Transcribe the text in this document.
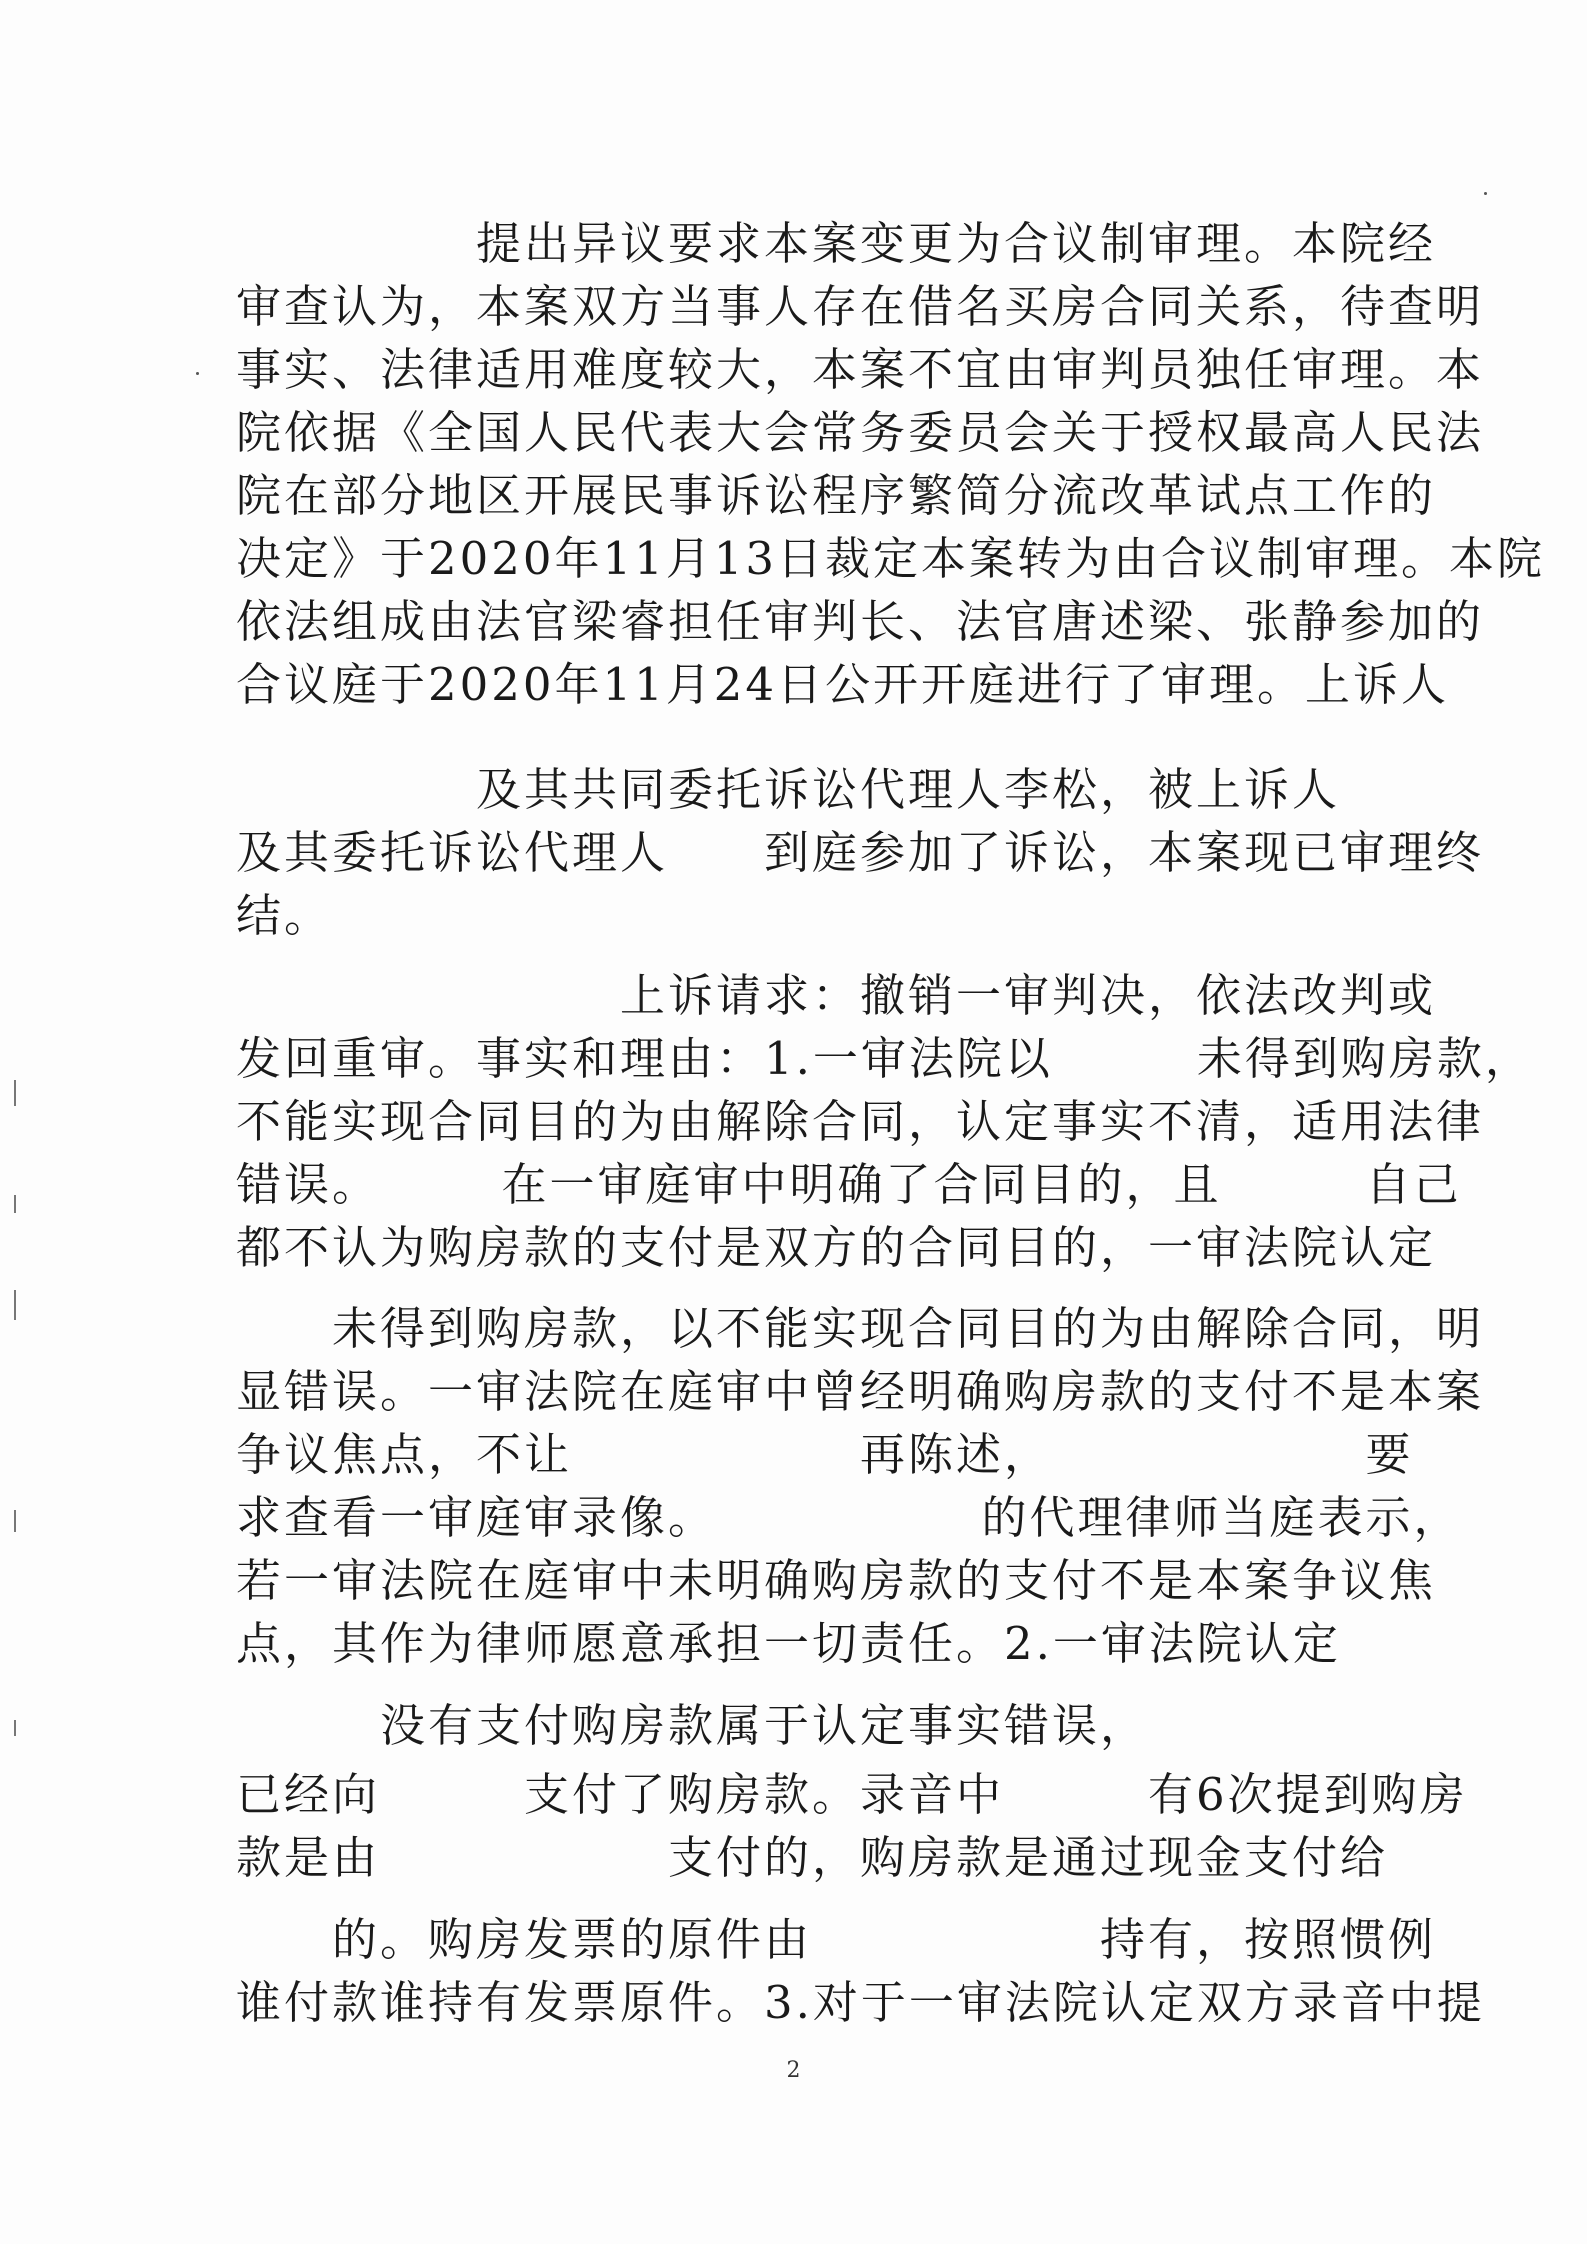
　　　　　提出异议要求本案变更为合议制审理。本院经
审查认为，本案双方当事人存在借名买房合同关系，待查明
事实、法律适用难度较大，本案不宜由审判员独任审理。本
院依据《全国人民代表大会常务委员会关于授权最高人民法
院在部分地区开展民事诉讼程序繁简分流改革试点工作的
决定》于2020年11月13日裁定本案转为由合议制审理。本院
依法组成由法官梁睿担任审判长、法官唐述梁、张静参加的
合议庭于2020年11月24日公开开庭进行了审理。上诉人
　　　　　及其共同委托诉讼代理人李松，被上诉人
及其委托诉讼代理人　　到庭参加了诉讼，本案现已审理终
结。
　　　　　　　　上诉请求：撤销一审判决，依法改判或
发回重审。事实和理由：1.一审法院以　　　未得到购房款，
不能实现合同目的为由解除合同，认定事实不清，适用法律
错误。　　　在一审庭审中明确了合同目的，且　　　自己
都不认为购房款的支付是双方的合同目的，一审法院认定
　　未得到购房款，以不能实现合同目的为由解除合同，明
显错误。一审法院在庭审中曾经明确购房款的支付不是本案
争议焦点，不让　　　　　　再陈述，　　　　　　　要
求查看一审庭审录像。　　　　　　的代理律师当庭表示，
若一审法院在庭审中未明确购房款的支付不是本案争议焦
点，其作为律师愿意承担一切责任。2.一审法院认定
　　　没有支付购房款属于认定事实错误，
已经向　　　支付了购房款。录音中　　　有6次提到购房
款是由　　　　　　支付的，购房款是通过现金支付给
　　的。购房发票的原件由　　　　　　持有，按照惯例
谁付款谁持有发票原件。3.对于一审法院认定双方录音中提
2
